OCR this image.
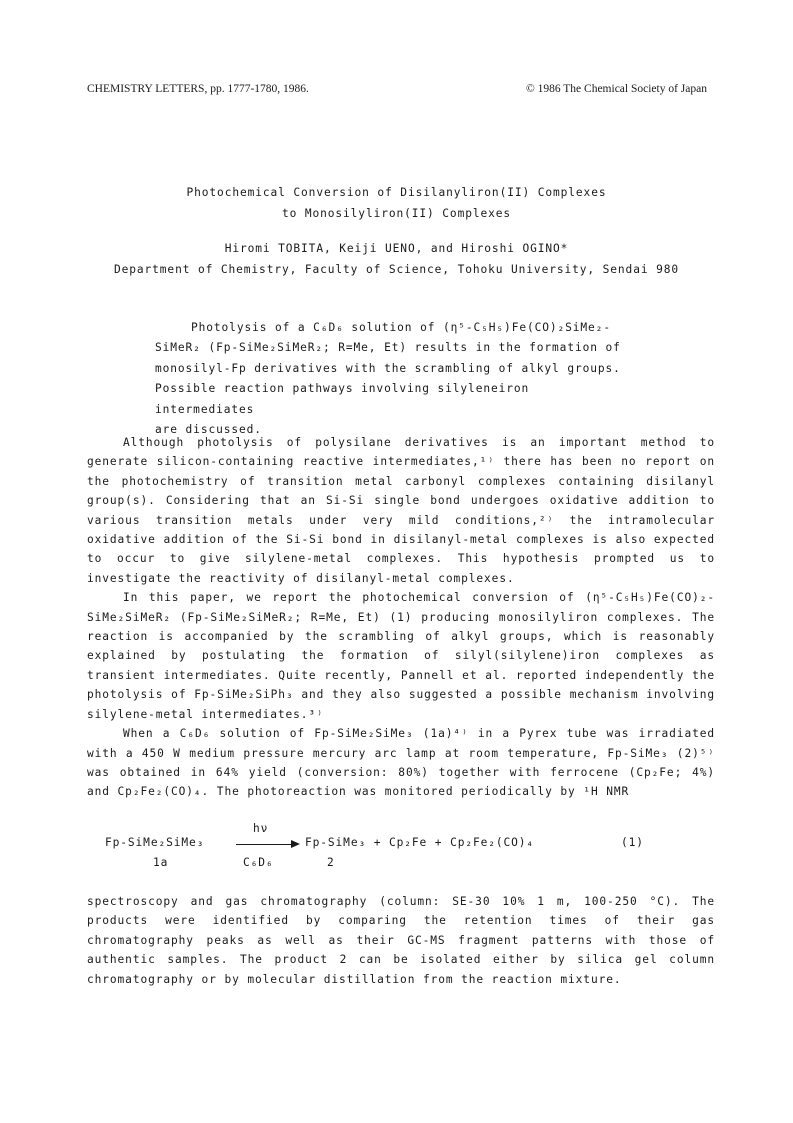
CHEMISTRY LETTERS, pp. 1777-1780, 1986.	© 1986 The Chemical Society of Japan
Photochemical Conversion of Disilanyliron(II) Complexes
to Monosilyliron(II) Complexes
Hiromi TOBITA, Keiji UENO, and Hiroshi OGINO*
Department of Chemistry, Faculty of Science, Tohoku University, Sendai 980

Photolysis of a C₆D₆ solution of (η⁵-C₅H₅)Fe(CO)₂SiMe₂-

SiMeR₂ (Fp-SiMe₂SiMeR₂; R=Me, Et) results in the formation of

monosilyl-Fp derivatives with the scrambling of alkyl groups.

Possible reaction pathways involving silyleneiron intermediates

are discussed.

Although photolysis of polysilane derivatives is an important method to generate silicon-containing reactive intermediates,¹⁾ there has been no report on the photochemistry of transition metal carbonyl complexes containing disilanyl group(s). Considering that an Si-Si single bond undergoes oxidative addition to various transition metals under very mild conditions,²⁾ the intramolecular oxidative addition of the Si-Si bond in disilanyl-metal complexes is also expected to occur to give silylene-metal complexes. This hypothesis prompted us to investigate the reactivity of disilanyl-metal complexes.

In this paper, we report the photochemical conversion of (η⁵-C₅H₅)Fe(CO)₂-SiMe₂SiMeR₂ (Fp-SiMe₂SiMeR₂; R=Me, Et) (1) producing monosilyliron complexes. The reaction is accompanied by the scrambling of alkyl groups, which is reasonably explained by postulating the formation of silyl(silylene)iron complexes as transient intermediates. Quite recently, Pannell et al. reported independently the photolysis of Fp-SiMe₂SiPh₃ and they also suggested a possible mechanism involving silylene-metal intermediates.³⁾

When a C₆D₆ solution of Fp-SiMe₂SiMe₃ (1a)⁴⁾ in a Pyrex tube was irradiated with a 450 W medium pressure mercury arc lamp at room temperature, Fp-SiMe₃ (2)⁵⁾ was obtained in 64% yield (conversion: 80%) together with ferrocene (Cp₂Fe; 4%) and Cp₂Fe₂(CO)₄. The photoreaction was monitored periodically by ¹H NMR

Fp-SiMe₂SiMe₃
1a
hν
C₆D₆
Fp-SiMe₃ + Cp₂Fe + Cp₂Fe₂(CO)₄
2
(1)

spectroscopy and gas chromatography (column: SE-30 10% 1 m, 100-250 °C). The products were identified by comparing the retention times of their gas chromatography peaks as well as their GC-MS fragment patterns with those of authentic samples. The product 2 can be isolated either by silica gel column chromatography or by molecular distillation from the reaction mixture.
